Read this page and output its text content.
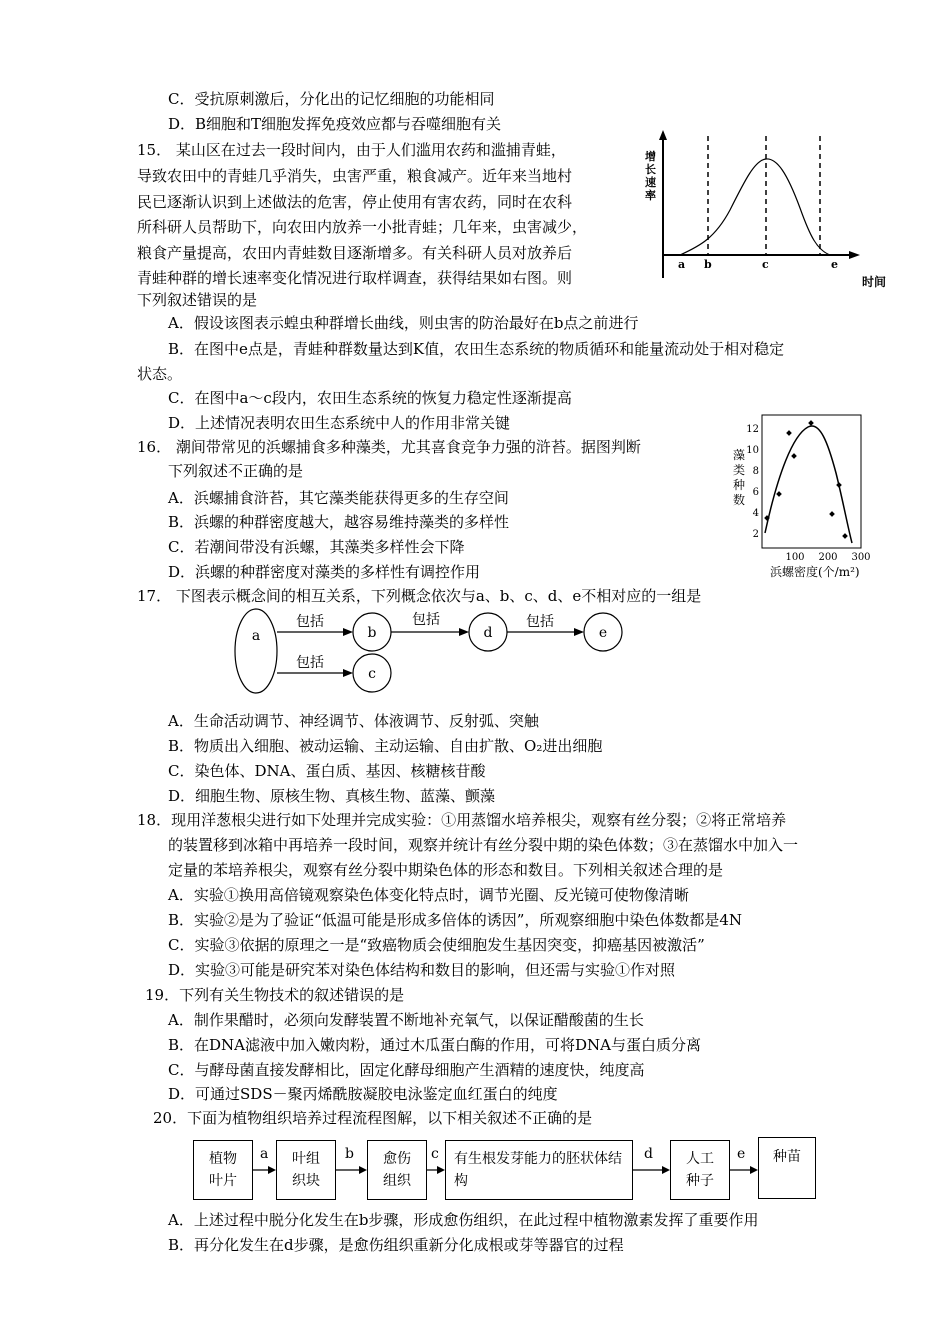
C．受抗原刺激后，分化出的记忆细胞的功能相同
D．B细胞和T细胞发挥免疫效应都与吞噬细胞有关
15． 某山区在过去一段时间内，由于人们滥用农药和滥捕青蛙，
导致农田中的青蛙几乎消失，虫害严重，粮食减产。近年来当地村
民已逐渐认识到上述做法的危害，停止使用有害农药，同时在农科
所科研人员帮助下，向农田内放养一小批青蛙；几年来，虫害减少，
粮食产量提高，农田内青蛙数目逐渐增多。有关科研人员对放养后
青蛙种群的增长速率变化情况进行取样调查，获得结果如右图。则
下列叙述错误的是
a b	c	e
增长速率
时间
A．假设该图表示蝗虫种群增长曲线，则虫害的防治最好在b点之前进行
B．在图中e点是，青蛙种群数量达到K值，农田生态系统的物质循环和能量流动处于相对稳定
状态。
C．在图中a～c段内，农田生态系统的恢复力稳定性逐渐提高
D．上述情况表明农田生态系统中人的作用非常关键
16． 潮间带常见的浜螺捕食多种藻类，尤其喜食竞争力强的浒苔。据图判断
下列叙述不正确的是
A．浜螺捕食浒苔，其它藻类能获得更多的生存空间
B．浜螺的种群密度越大，越容易维持藻类的多样性
C．若潮间带没有浜螺，其藻类多样性会下降
D．浜螺的种群密度对藻类的多样性有调控作用
藻类种数
12
10
8
6
4
2
100 200 300
浜螺密度(个/m²)
17． 下图表示概念间的相互关系，下列概念依次与a、b、c、d、e不相对应的一组是
a	b
c
d	e
包括
包括
包括	包括
A．生命活动调节、神经调节、体液调节、反射弧、突触
B．物质出入细胞、被动运输、主动运输、自由扩散、O₂进出细胞
C．染色体、DNA、蛋白质、基因、核糖核苷酸
D．细胞生物、原核生物、真核生物、蓝藻、颤藻
18．现用洋葱根尖进行如下处理并完成实验：①用蒸馏水培养根尖，观察有丝分裂；②将正常培养
的装置移到冰箱中再培养一段时间，观察并统计有丝分裂中期的染色体数；③在蒸馏水中加入一
定量的苯培养根尖，观察有丝分裂中期染色体的形态和数目。下列相关叙述合理的是
A．实验①换用高倍镜观察染色体变化特点时，调节光圈、反光镜可使物像清晰
B．实验②是为了验证“低温可能是形成多倍体的诱因”，所观察细胞中染色体数都是4N
C．实验③依据的原理之一是“致癌物质会使细胞发生基因突变，抑癌基因被激活”
D．实验③可能是研究苯对染色体结构和数目的影响，但还需与实验①作对照
19．下列有关生物技术的叙述错误的是
A．制作果醋时，必须向发酵装置不断地补充氧气，以保证醋酸菌的生长
B．在DNA滤液中加入嫩肉粉，通过木瓜蛋白酶的作用，可将DNA与蛋白质分离
C．与酵母菌直接发酵相比，固定化酵母细胞产生酒精的速度快，纯度高
D．可通过SDS－聚丙烯酰胺凝胶电泳鉴定血红蛋白的纯度
20．下面为植物组织培养过程流程图解，以下相关叙述不正确的是
植物叶片
叶组织块
愈伤组织
有生根发芽能力的胚状体结构
人工种子
种苗
a	b	c	d	e
A．上述过程中脱分化发生在b步骤，形成愈伤组织，在此过程中植物激素发挥了重要作用
B．再分化发生在d步骤，是愈伤组织重新分化成根或芽等器官的过程
